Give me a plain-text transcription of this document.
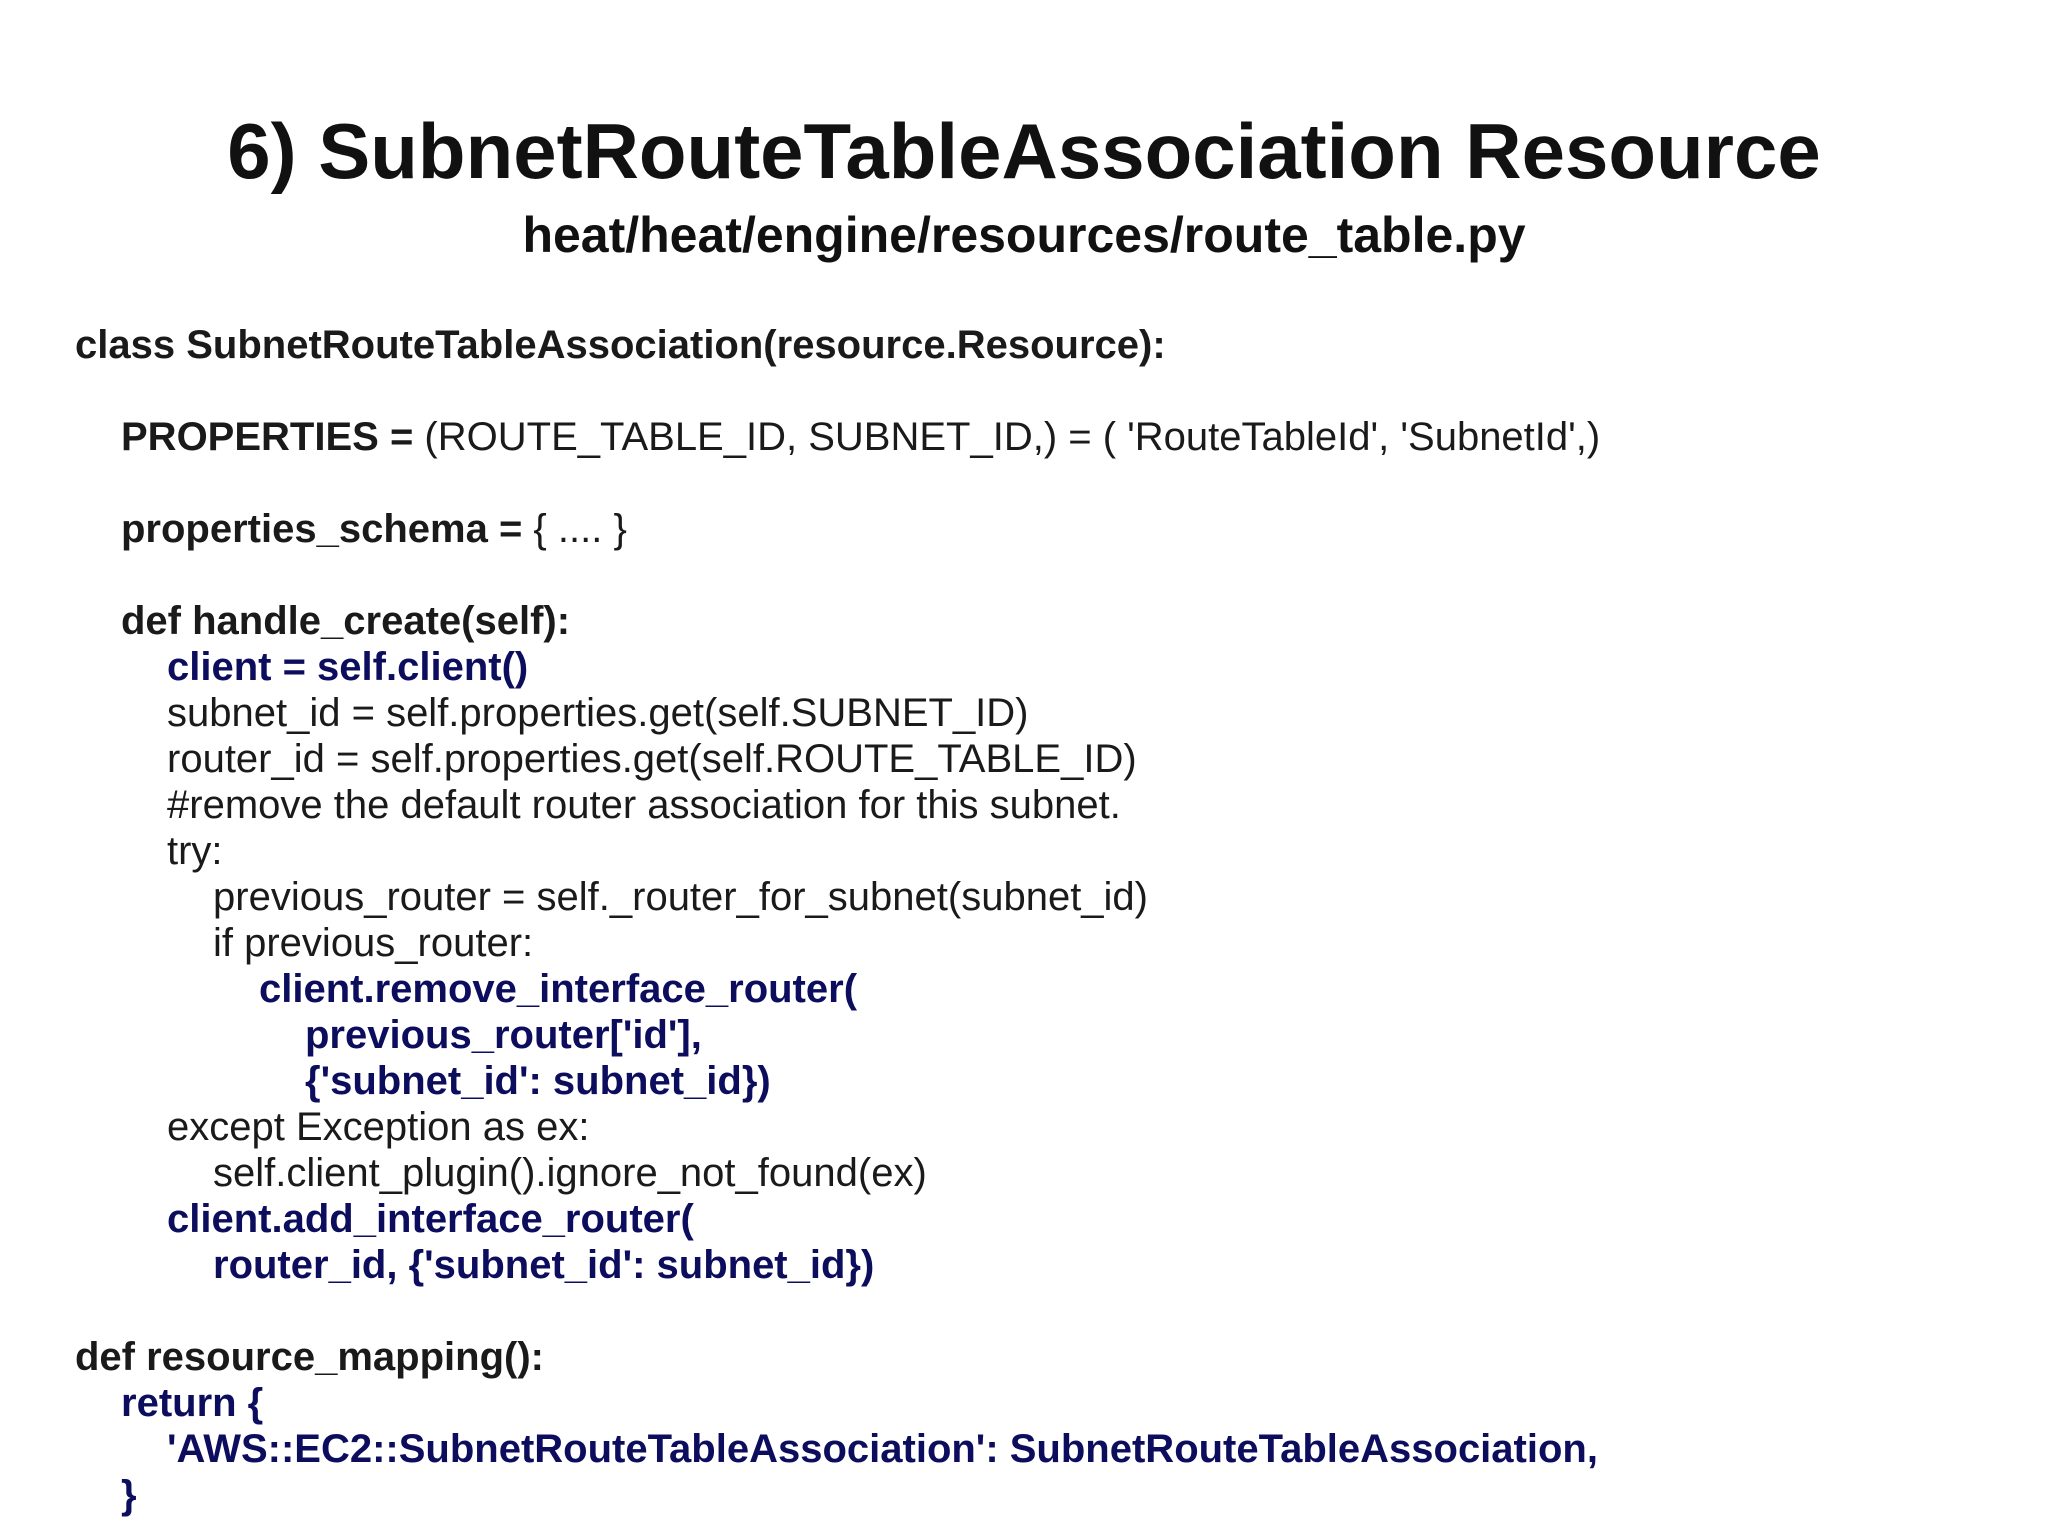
6) SubnetRouteTableAssociation Resource
heat/heat/engine/resources/route_table.py
class SubnetRouteTableAssociation(resource.Resource):
PROPERTIES = (ROUTE_TABLE_ID, SUBNET_ID,) = ( 'RouteTableId', 'SubnetId',)
properties_schema = { .... }
def handle_create(self):
client = self.client()
subnet_id = self.properties.get(self.SUBNET_ID)
router_id = self.properties.get(self.ROUTE_TABLE_ID)
#remove the default router association for this subnet.
try:
previous_router = self._router_for_subnet(subnet_id)
if previous_router:
client.remove_interface_router(
previous_router['id'],
{'subnet_id': subnet_id})
except Exception as ex:
self.client_plugin().ignore_not_found(ex)
client.add_interface_router(
router_id, {'subnet_id': subnet_id})
def resource_mapping():
return {
'AWS::EC2::SubnetRouteTableAssociation': SubnetRouteTableAssociation,
}
